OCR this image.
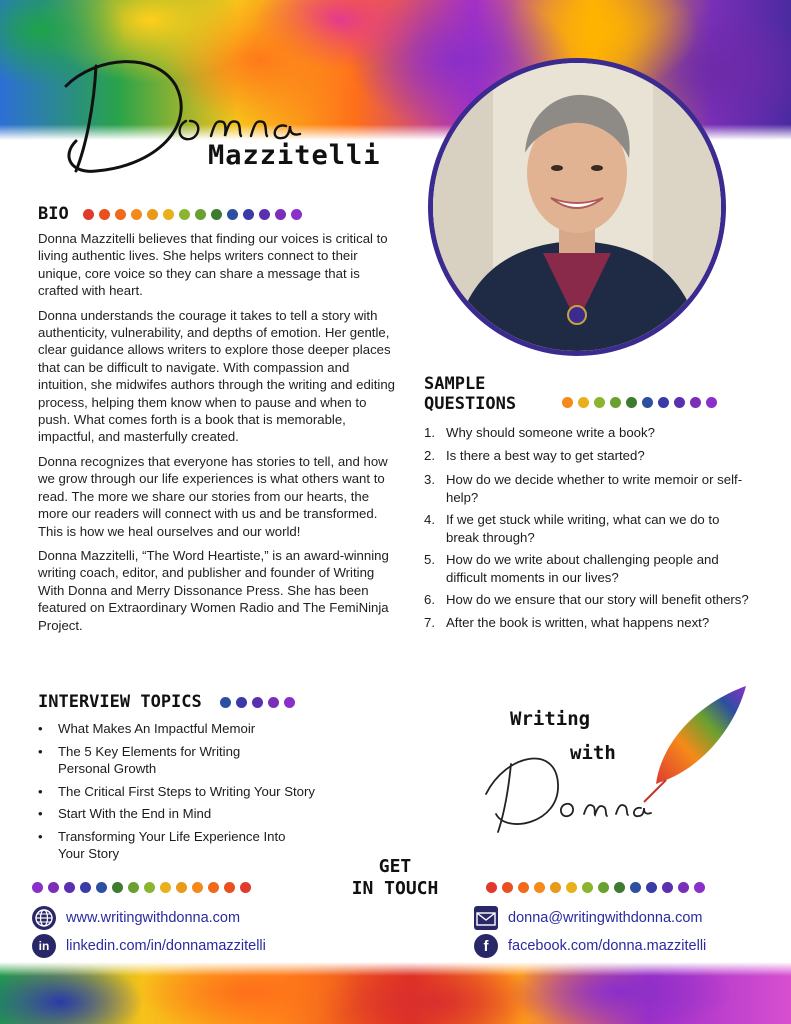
Mazzitelli
BIO

Donna Mazzitelli believes that finding our voices is critical to living authentic lives. She helps writers connect to their unique, core voice so they can share a message that is crafted with heart.

Donna understands the courage it takes to tell a story with authenticity, vulnerability, and depths of emotion. Her gentle, clear guidance allows writers to explore those deeper places that can be difficult to navigate. With compassion and intuition, she midwifes authors through the writing and editing process, helping them know when to pause and when to push. What comes forth is a book that is memorable, impactful, and masterfully created.

Donna recognizes that everyone has stories to tell, and how we grow through our life experiences is what others want to read. The more we share our stories from our hearts, the more our readers will connect with us and be transformed. This is how we heal ourselves and our world!

Donna Mazzitelli, “The Word Heartiste,” is an award-winning writing coach, editor, and publisher and founder of Writing With Donna and Merry Dissonance Press. She has been featured on Extraordinary Women Radio and The FemiNinja Project.

SAMPLE
QUESTIONS
1. Why should someone write a book?
2. Is there a best way to get started?
3. How do we decide whether to write memoir or self-help?
4. If we get stuck while writing, what can we do to break through?
5. How do we write about challenging people and difficult moments in our lives?
6. How do we ensure that our story will benefit others?
7. After the book is written, what happens next?
INTERVIEW TOPICS
•	What Makes An Impactful Memoir
•	The 5 Key Elements for Writing Personal Growth
•	The Critical First Steps to Writing Your Story
•	Start With the End in Mind
•	Transforming Your Life Experience Into Your Story
Writing
with
GET
IN TOUCH
www.writingwithdonna.com
in	linkedin.com/in/donnamazzitelli
donna@writingwithdonna.com
f	facebook.com/donna.mazzitelli
